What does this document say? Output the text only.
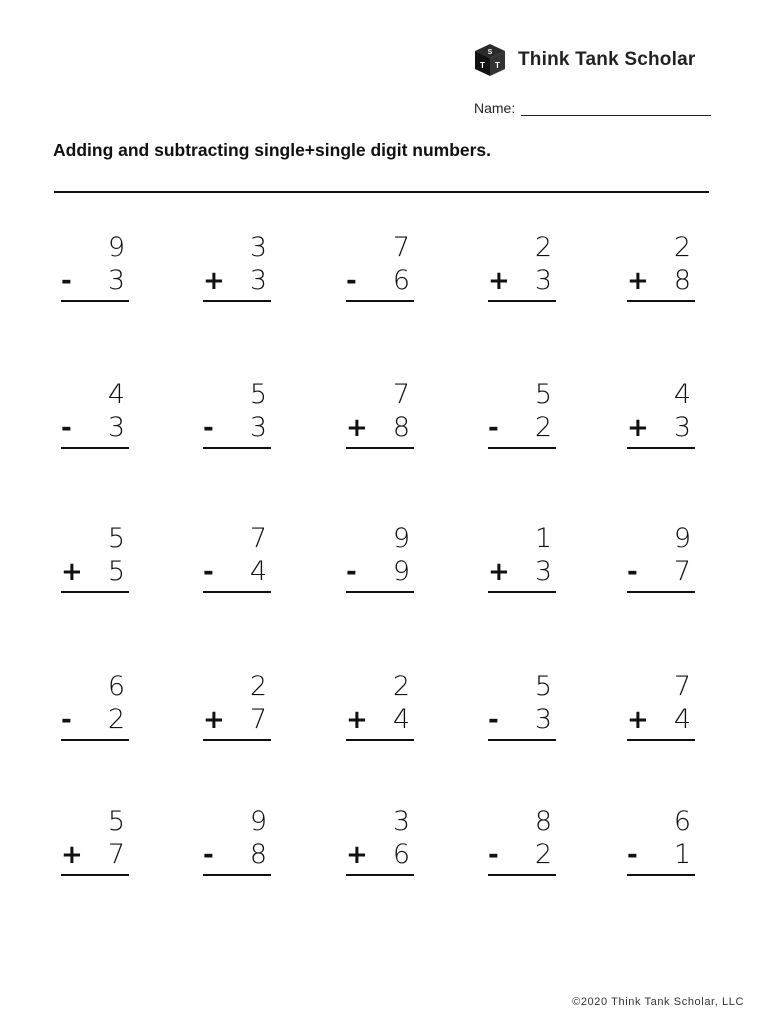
S
T T Think Tank Scholar
Name:
Adding and subtracting single+single digit numbers.
9
- 3
3
+ 3
7
- 6
2
+ 3
2
+ 8
4
- 3
5
- 3
7
+ 8
5
- 2
4
+ 3
5
+ 5
7
- 4
9
- 9
1
+ 3
9
- 7
6
- 2
2
+ 7
2
+ 4
5
- 3
7
+ 4
5
+ 7
9
- 8
3
+ 6
8
- 2
6
- 1
©2020 Think Tank Scholar, LLC
